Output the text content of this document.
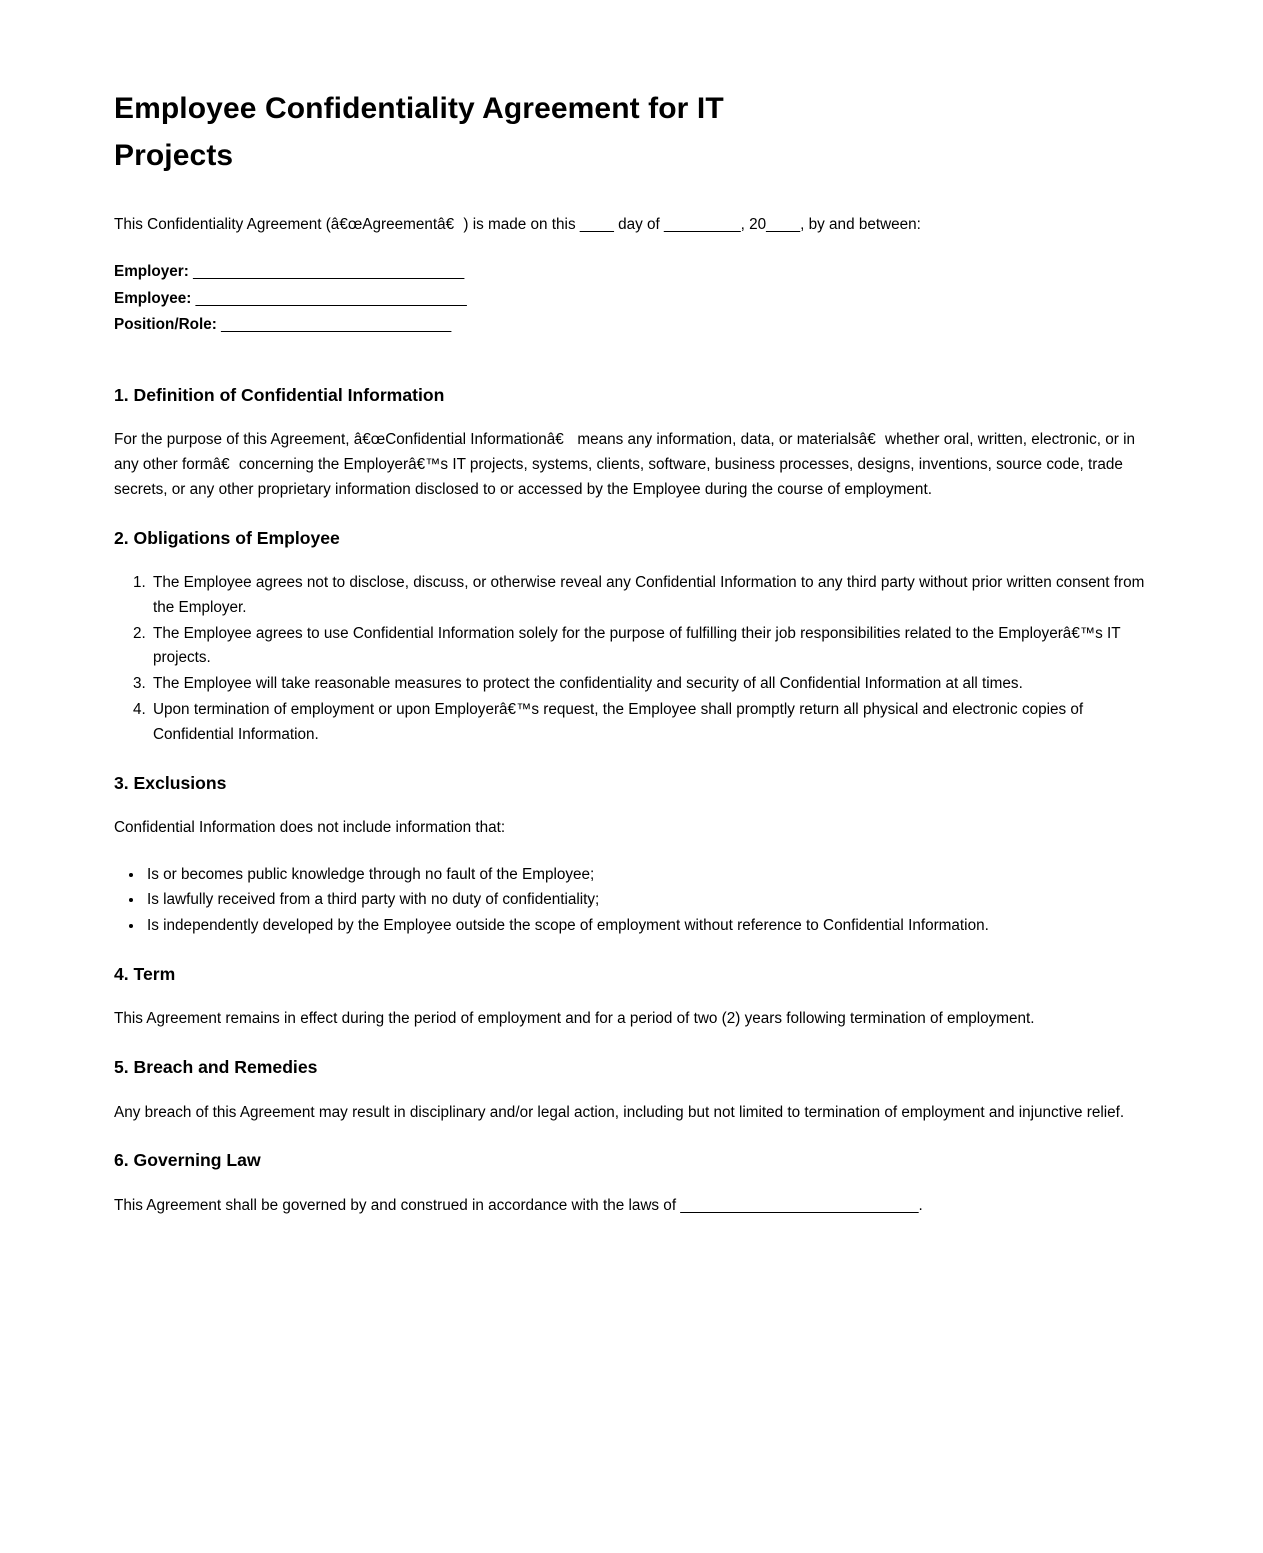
Employee Confidentiality Agreement for IT Projects

This Confidentiality Agreement (â€œAgreementâ€) is made on this ____ day of _________, 20____, by and between:

Employer: _________________________________
Employee: _________________________________
Position/Role: ____________________________
1. Definition of Confidential Information

For the purpose of this Agreement, â€œConfidential Informationâ€ means any information, data, or materialsâ€whether oral, written, electronic, or in any other formâ€concerning the Employerâ€™s IT projects, systems, clients, software, business processes, designs, inventions, source code, trade secrets, or any other proprietary information disclosed to or accessed by the Employee during the course of employment.

2. Obligations of Employee
1. The Employee agrees not to disclose, discuss, or otherwise reveal any Confidential Information to any third party without prior written consent from the Employer.
2. The Employee agrees to use Confidential Information solely for the purpose of fulfilling their job responsibilities related to the Employerâ€™s IT projects.
3. The Employee will take reasonable measures to protect the confidentiality and security of all Confidential Information at all times.
4. Upon termination of employment or upon Employerâ€™s request, the Employee shall promptly return all physical and electronic copies of Confidential Information.
3. Exclusions

Confidential Information does not include information that:

• Is or becomes public knowledge through no fault of the Employee;
• Is lawfully received from a third party with no duty of confidentiality;
• Is independently developed by the Employee outside the scope of employment without reference to Confidential Information.
4. Term

This Agreement remains in effect during the period of employment and for a period of two (2) years following termination of employment.

5. Breach and Remedies

Any breach of this Agreement may result in disciplinary and/or legal action, including but not limited to termination of employment and injunctive relief.

6. Governing Law

This Agreement shall be governed by and construed in accordance with the laws of ____________________________.
